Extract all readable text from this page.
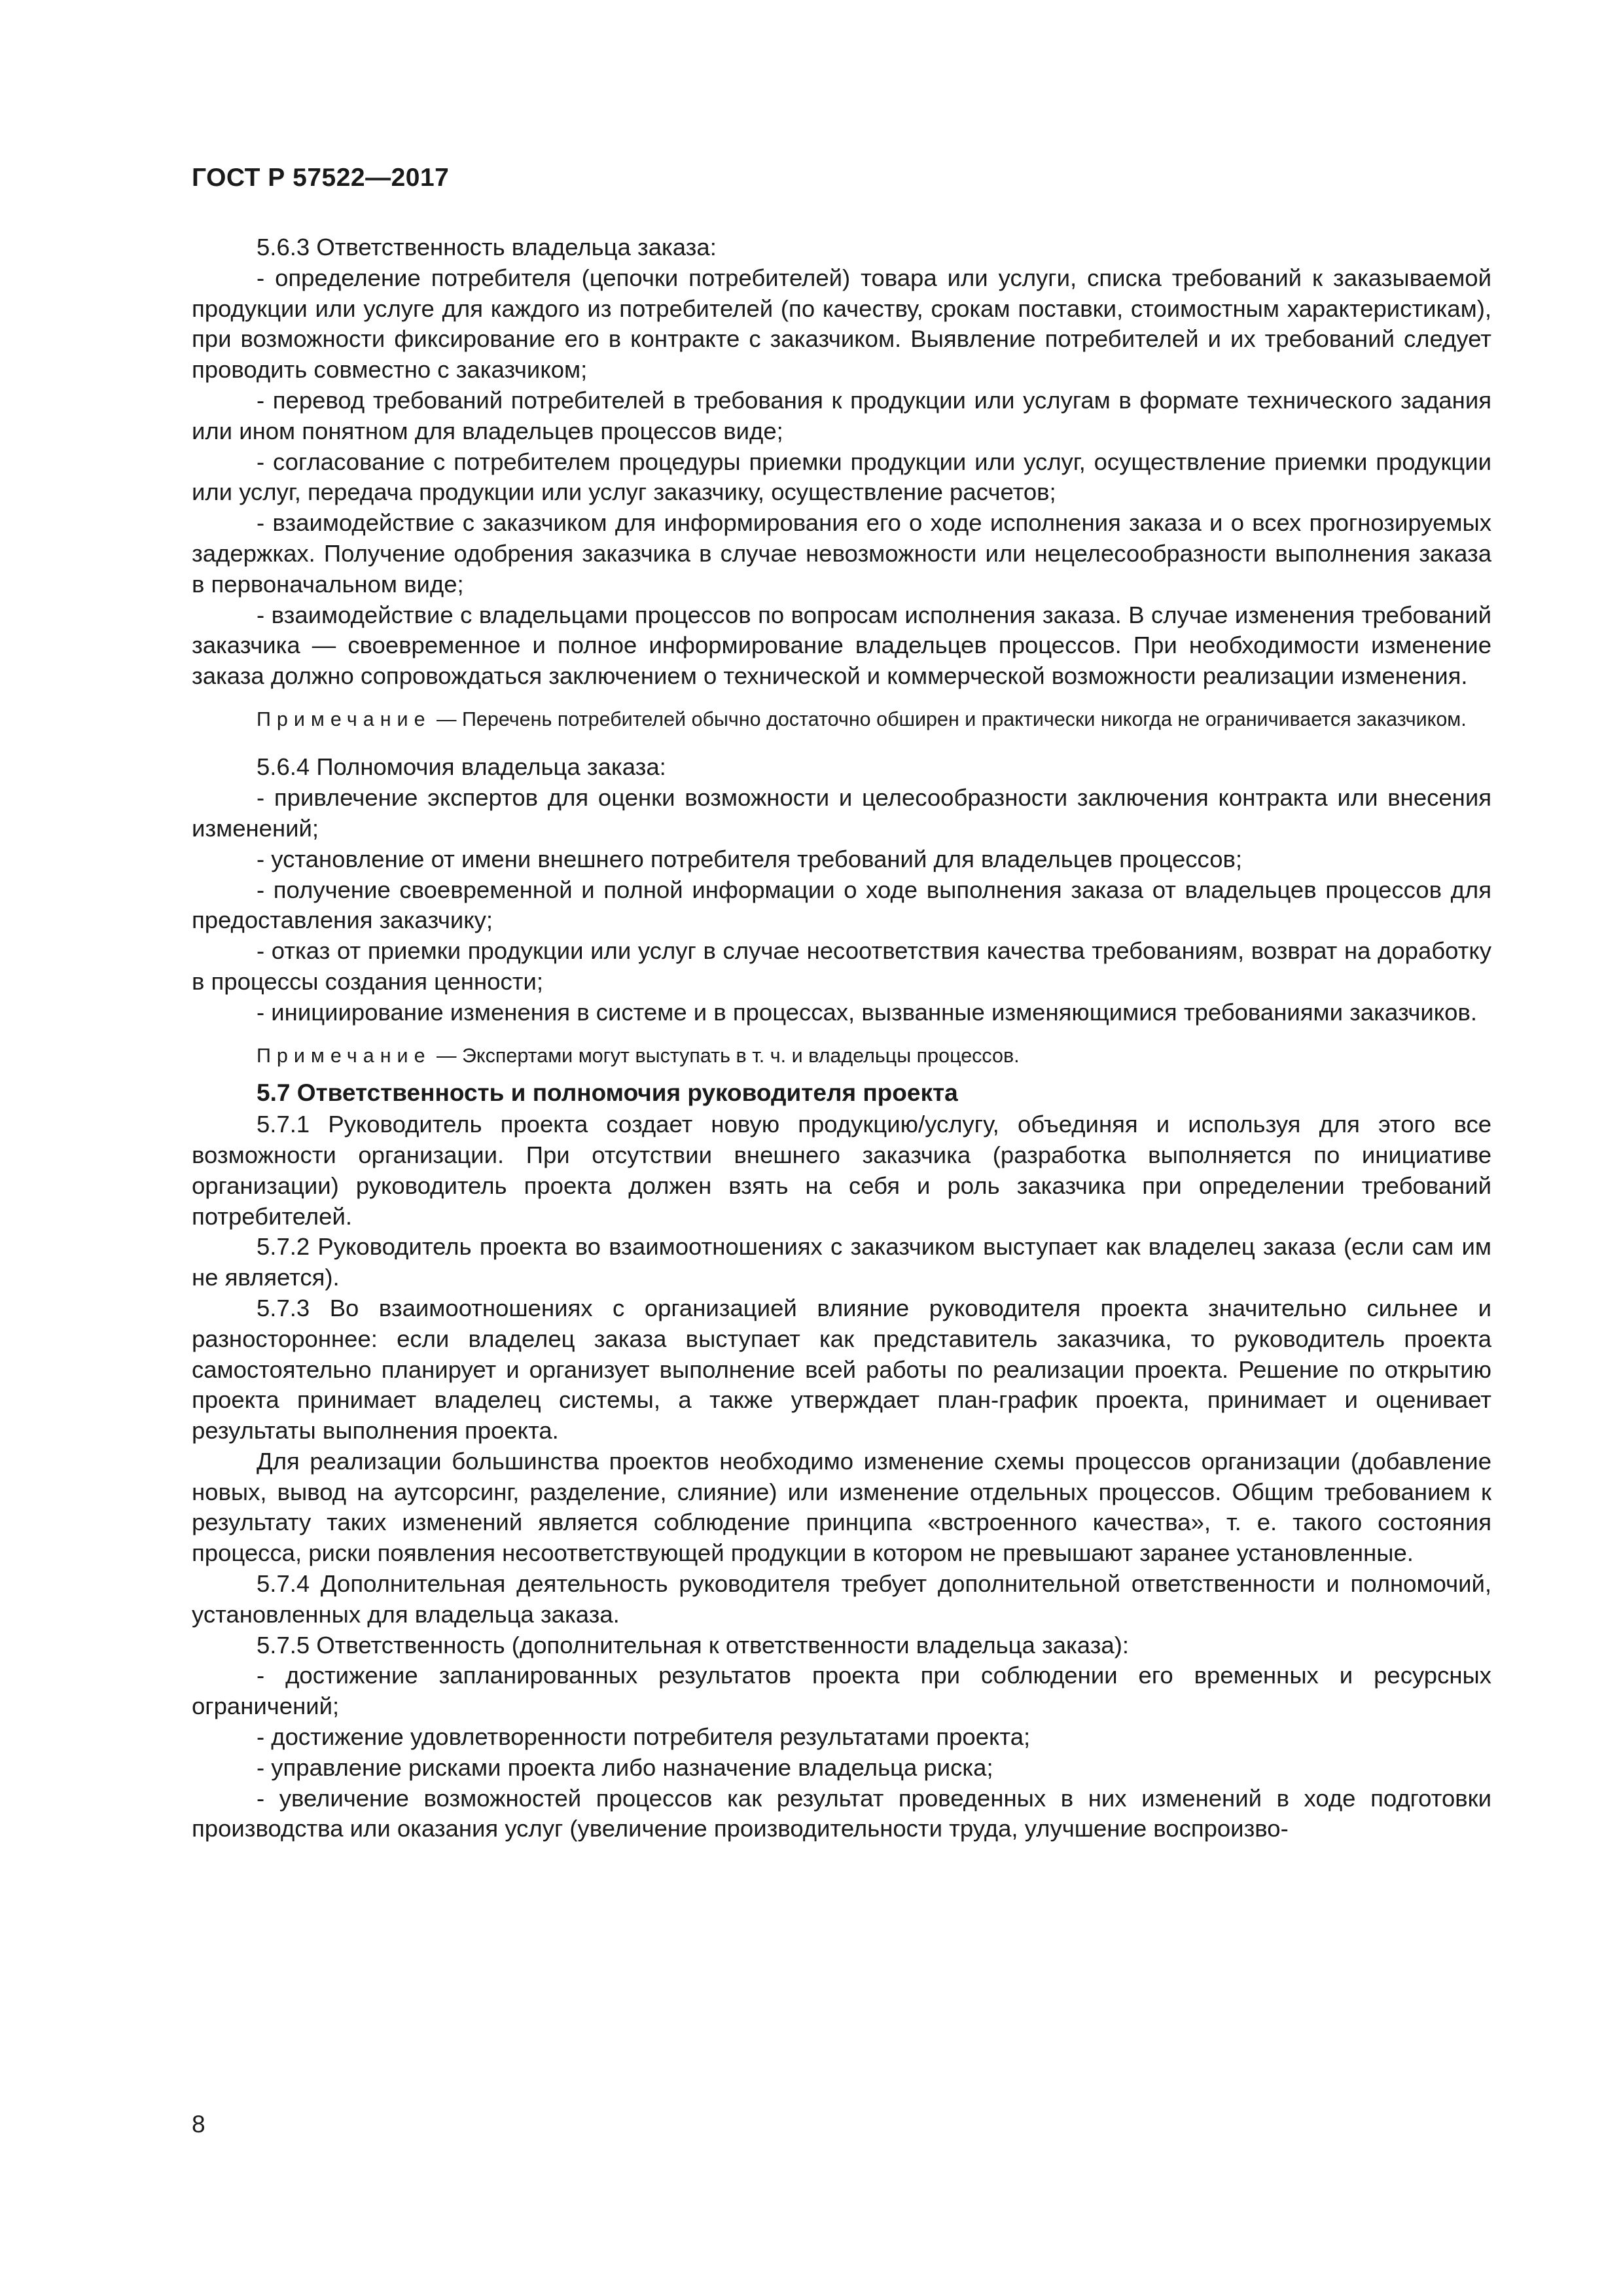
ГОСТ Р 57522—2017

5.6.3 Ответственность владельца заказа:

- определение потребителя (цепочки потребителей) товара или услуги, списка требований к заказываемой продукции или услуге для каждого из потребителей (по качеству, срокам поставки, стоимостным характеристикам), при возможности фиксирование его в контракте с заказчиком. Выявление потребителей и их требований следует проводить совместно с заказчиком;

- перевод требований потребителей в требования к продукции или услугам в формате технического задания или ином понятном для владельцев процессов виде;

- согласование с потребителем процедуры приемки продукции или услуг, осуществление приемки продукции или услуг, передача продукции или услуг заказчику, осуществление расчетов;

- взаимодействие с заказчиком для информирования его о ходе исполнения заказа и о всех прогнозируемых задержках. Получение одобрения заказчика в случае невозможности или нецелесообразности выполнения заказа в первоначальном виде;

- взаимодействие с владельцами процессов по вопросам исполнения заказа. В случае изменения требований заказчика — своевременное и полное информирование владельцев процессов. При необходимости изменение заказа должно сопровождаться заключением о технической и коммерческой возможности реализации изменения.

Примечание — Перечень потребителей обычно достаточно обширен и практически никогда не ограничивается заказчиком.

5.6.4 Полномочия владельца заказа:

- привлечение экспертов для оценки возможности и целесообразности заключения контракта или внесения изменений;

- установление от имени внешнего потребителя требований для владельцев процессов;

- получение своевременной и полной информации о ходе выполнения заказа от владельцев процессов для предоставления заказчику;

- отказ от приемки продукции или услуг в случае несоответствия качества требованиям, возврат на доработку в процессы создания ценности;

- инициирование изменения в системе и в процессах, вызванные изменяющимися требованиями заказчиков.

Примечание — Экспертами могут выступать в т. ч. и владельцы процессов.

5.7 Ответственность и полномочия руководителя проекта

5.7.1 Руководитель проекта создает новую продукцию/услугу, объединяя и используя для этого все возможности организации. При отсутствии внешнего заказчика (разработка выполняется по инициативе организации) руководитель проекта должен взять на себя и роль заказчика при определении требований потребителей.

5.7.2 Руководитель проекта во взаимоотношениях с заказчиком выступает как владелец заказа (если сам им не является).

5.7.3 Во взаимоотношениях с организацией влияние руководителя проекта значительно сильнее и разностороннее: если владелец заказа выступает как представитель заказчика, то руководитель проекта самостоятельно планирует и организует выполнение всей работы по реализации проекта. Решение по открытию проекта принимает владелец системы, а также утверждает план-график проекта, принимает и оценивает результаты выполнения проекта.

Для реализации большинства проектов необходимо изменение схемы процессов организации (добавление новых, вывод на аутсорсинг, разделение, слияние) или изменение отдельных процессов. Общим требованием к результату таких изменений является соблюдение принципа «встроенного качества», т. е. такого состояния процесса, риски появления несоответствующей продукции в котором не превышают заранее установленные.

5.7.4 Дополнительная деятельность руководителя требует дополнительной ответственности и полномочий, установленных для владельца заказа.

5.7.5 Ответственность (дополнительная к ответственности владельца заказа):

- достижение запланированных результатов проекта при соблюдении его временных и ресурсных ограничений;

- достижение удовлетворенности потребителя результатами проекта;

- управление рисками проекта либо назначение владельца риска;

- увеличение возможностей процессов как результат проведенных в них изменений в ходе подготовки производства или оказания услуг (увеличение производительности труда, улучшение воспроизво-

8
